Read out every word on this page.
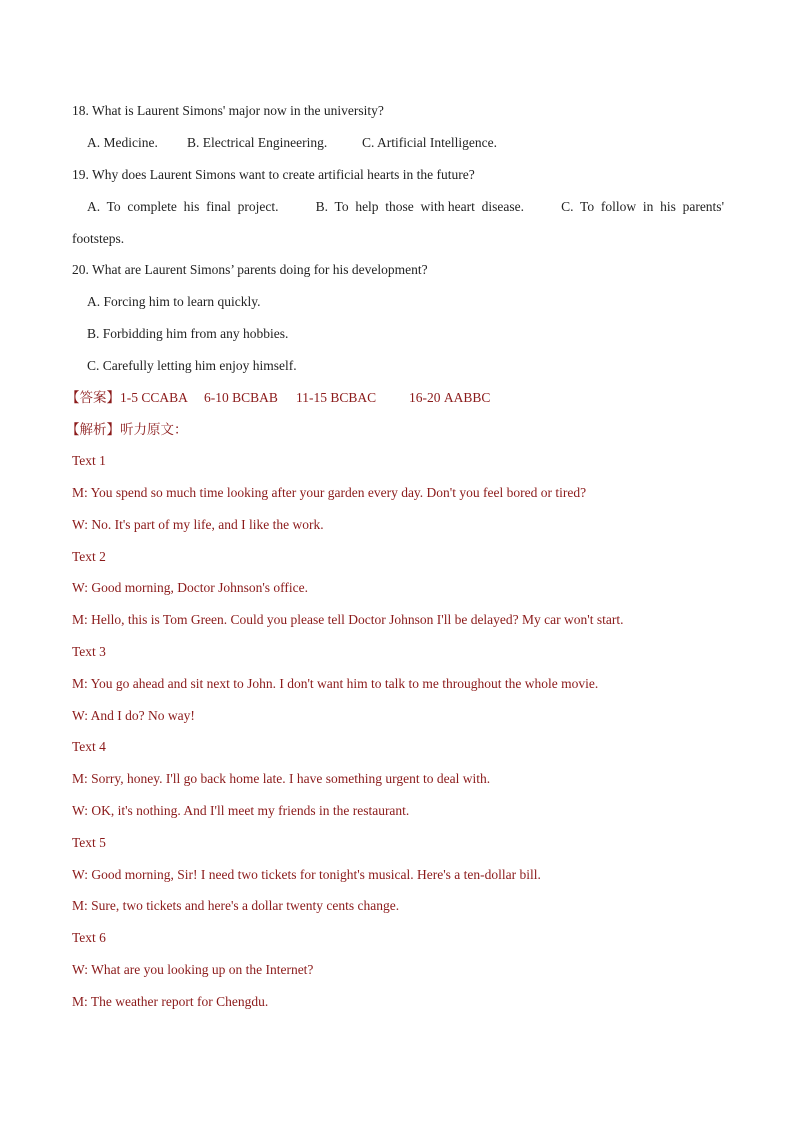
18. What is Laurent Simons' major now in the university?
A. Medicine. B. Electrical Engineering.	C. Artificial Intelligence.
19. Why does Laurent Simons want to create artificial hearts in the future?
A.  To  complete  his  final  project.	B.  To  help  those  with heart  disease.	C.  To  follow  in  his  parents'
footsteps.
20. What are Laurent Simons’ parents doing for his development?
A. Forcing him to learn quickly.
B. Forbidding him from any hobbies.
C. Carefully letting him enjoy himself.
【答案】1-5 CCABA 6-10 BCBAB 11-15 BCBAC 16-20 AABBC
【解析】听力原文：
Text 1
M: You spend so much time looking after your garden every day. Don't you feel bored or tired?
W: No. It's part of my life, and I like the work.
Text 2
W: Good morning, Doctor Johnson's office.
M: Hello, this is Tom Green. Could you please tell Doctor Johnson I'll be delayed? My car won't start.
Text 3
M: You go ahead and sit next to John. I don't want him to talk to me throughout the whole movie.
W: And I do? No way!
Text 4
M: Sorry, honey. I'll go back home late. I have something urgent to deal with.
W: OK, it's nothing. And I'll meet my friends in the restaurant.
Text 5
W: Good morning, Sir! I need two tickets for tonight's musical. Here's a ten-dollar bill.
M: Sure, two tickets and here's a dollar twenty cents change.
Text 6
W: What are you looking up on the Internet?
M: The weather report for Chengdu.
